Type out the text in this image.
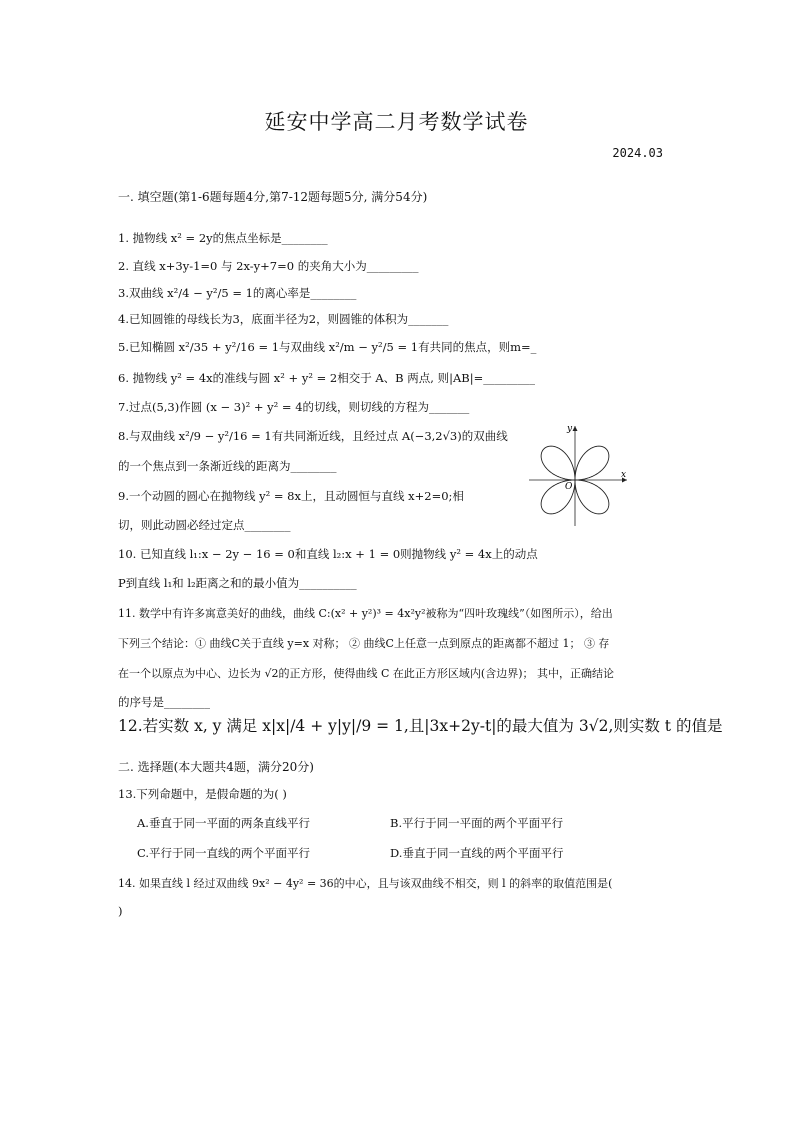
延安中学高二月考数学试卷
2024.03
一. 填空题(第1-6题每题4分,第7-12题每题5分, 满分54分)
1. 抛物线 x² = 2y的焦点坐标是________
2. 直线 x+3y-1=0 与 2x-y+7=0 的夹角大小为_________
3.双曲线 x²/4 − y²/5 = 1的离心率是________
4.已知圆锥的母线长为3，底面半径为2，则圆锥的体积为_______
5.已知椭圆 x²/35 + y²/16 = 1与双曲线 x²/m − y²/5 = 1有共同的焦点，则m=_
6. 抛物线 y² = 4x的准线与圆 x² + y² = 2相交于 A、B 两点, 则|AB|=_________
7.过点(5,3)作圆 (x − 3)² + y² = 4的切线，则切线的方程为_______
8.与双曲线 x²/9 − y²/16 = 1有共同渐近线，且经过点 A(−3,2√3)的双曲线
的一个焦点到一条渐近线的距离为________
9.一个动圆的圆心在抛物线 y² = 8x上，且动圆恒与直线 x+2=0;相
切，则此动圆必经过定点________
10. 已知直线 l₁:x − 2y − 16 = 0和直线 l₂:x + 1 = 0则抛物线 y² = 4x上的动点
P到直线 l₁和 l₂距离之和的最小值为__________
11. 数学中有许多寓意美好的曲线，曲线 C:(x² + y²)³ = 4x²y²被称为“四叶玫瑰线”（如图所示），给出
下列三个结论：① 曲线C关于直线 y=x 对称； ② 曲线C上任意一点到原点的距离都不超过 1； ③ 存
在一个以原点为中心、边长为 √2的正方形，使得曲线 C 在此正方形区域内(含边界)； 其中，正确结论
的序号是________
12.若实数 x, y 满足 x|x|/4 + y|y|/9 = 1,且|3x+2y-t|的最大值为 3√2,则实数 t 的值是
二. 选择题(本大题共4题，满分20分)
13.下列命题中，是假命题的为( )
A.垂直于同一平面的两条直线平行	B.平行于同一平面的两个平面平行
C.平行于同一直线的两个平面平行	D.垂直于同一直线的两个平面平行
14. 如果直线 l 经过双曲线 9x² − 4y² = 36的中心，且与该双曲线不相交，则 l 的斜率的取值范围是(
)
y
x
O
